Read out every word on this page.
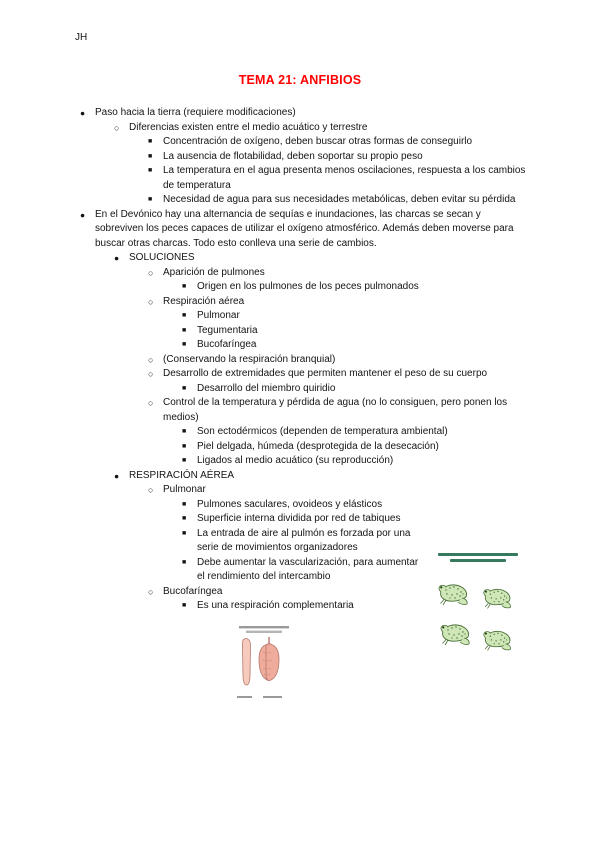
JH
TEMA 21: ANFIBIOS
● Paso hacia la tierra (requiere modificaciones)
○ Diferencias existen entre el medio acuático y terrestre
■ Concentración de oxígeno, deben buscar otras formas de conseguirlo
■ La ausencia de flotabilidad, deben soportar su propio peso
■ La temperatura en el agua presenta menos oscilaciones, respuesta a los cambios de temperatura
■ Necesidad de agua para sus necesidades metabólicas, deben evitar su pérdida
● En el Devónico hay una alternancia de sequías e inundaciones, las charcas se secan y sobreviven los peces capaces de utilizar el oxígeno atmosférico. Además deben moverse para buscar otras charcas. Todo esto conlleva una serie de cambios.
● SOLUCIONES
○ Aparición de pulmones
■ Origen en los pulmones de los peces pulmonados
○ Respiración aérea
■ Pulmonar
■ Tegumentaria
■ Bucofaríngea
○ (Conservando la respiración branquial)
○ Desarrollo de extremidades que permiten mantener el peso de su cuerpo
■ Desarrollo del miembro quiridio
○ Control de la temperatura y pérdida de agua (no lo consiguen, pero ponen los medios)
■ Son ectodérmicos (dependen de temperatura ambiental)
■ Piel delgada, húmeda (desprotegida de la desecación)
■ Ligados al medio acuático (su reproducción)
● RESPIRACIÓN AÉREA
○ Pulmonar
■ Pulmones saculares, ovoideos y elásticos
■ Superficie interna dividida por red de tabiques
■ La entrada de aire al pulmón es forzada por una serie de movimientos organizadores
■ Debe aumentar la vascularización, para aumentar el rendimiento del intercambio
○ Bucofaríngea
■ Es una respiración complementaria
